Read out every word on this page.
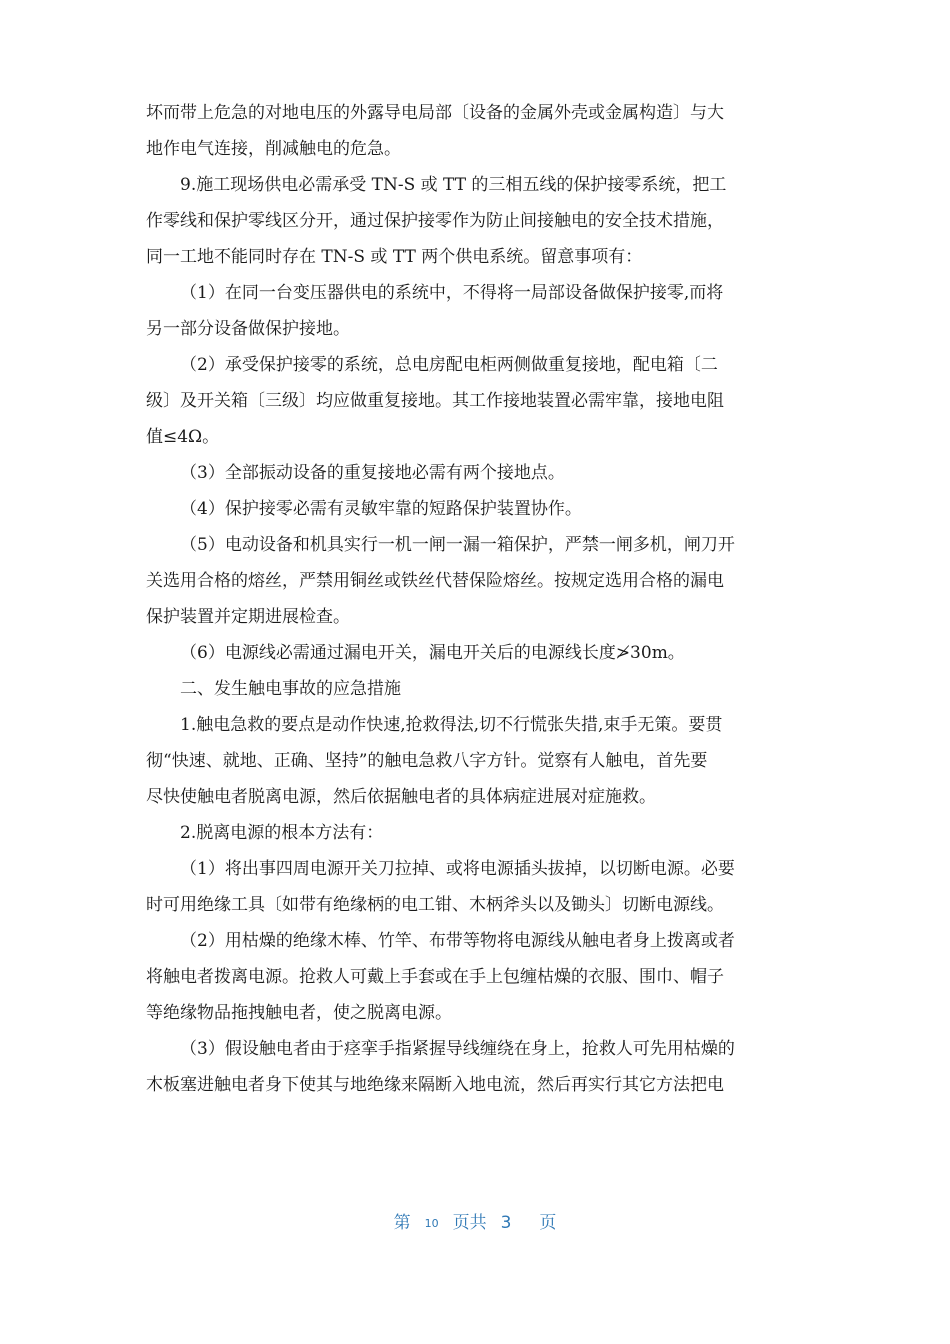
坏而带上危急的对地电压的外露导电局部〔设备的金属外壳或金属构造〕与大
地作电气连接，削减触电的危急。
9.施工现场供电必需承受 TN-S 或 TT 的三相五线的保护接零系统，把工
作零线和保护零线区分开，通过保护接零作为防止间接触电的安全技术措施，
同一工地不能同时存在 TN-S 或 TT 两个供电系统。留意事项有：
（1）在同一台变压器供电的系统中，不得将一局部设备做保护接零,而将
另一部分设备做保护接地。
（2）承受保护接零的系统，总电房配电柜两侧做重复接地，配电箱〔二
级〕及开关箱〔三级〕均应做重复接地。其工作接地装置必需牢靠，接地电阻
值≤4Ω。
（3）全部振动设备的重复接地必需有两个接地点。
（4）保护接零必需有灵敏牢靠的短路保护装置协作。
（5）电动设备和机具实行一机一闸一漏一箱保护，严禁一闸多机，闸刀开
关选用合格的熔丝，严禁用铜丝或铁丝代替保险熔丝。按规定选用合格的漏电
保护装置并定期进展检查。
（6）电源线必需通过漏电开关，漏电开关后的电源线长度≯30m。
二、发生触电事故的应急措施
1.触电急救的要点是动作快速,抢救得法,切不行慌张失措,束手无策。要贯
彻“快速、就地、正确、坚持”的触电急救八字方针。觉察有人触电，首先要
尽快使触电者脱离电源，然后依据触电者的具体病症进展对症施救。
2.脱离电源的根本方法有：
（1）将出事四周电源开关刀拉掉、或将电源插头拔掉，以切断电源。必要
时可用绝缘工具〔如带有绝缘柄的电工钳、木柄斧头以及锄头〕切断电源线。
（2）用枯燥的绝缘木棒、竹竿、布带等物将电源线从触电者身上拨离或者
将触电者拨离电源。抢救人可戴上手套或在手上包缠枯燥的衣服、围巾、帽子
等绝缘物品拖拽触电者，使之脱离电源。
（3）假设触电者由于痉挛手指紧握导线缠绕在身上，抢救人可先用枯燥的
木板塞进触电者身下使其与地绝缘来隔断入地电流，然后再实行其它方法把电
第 10 页共 3 页
